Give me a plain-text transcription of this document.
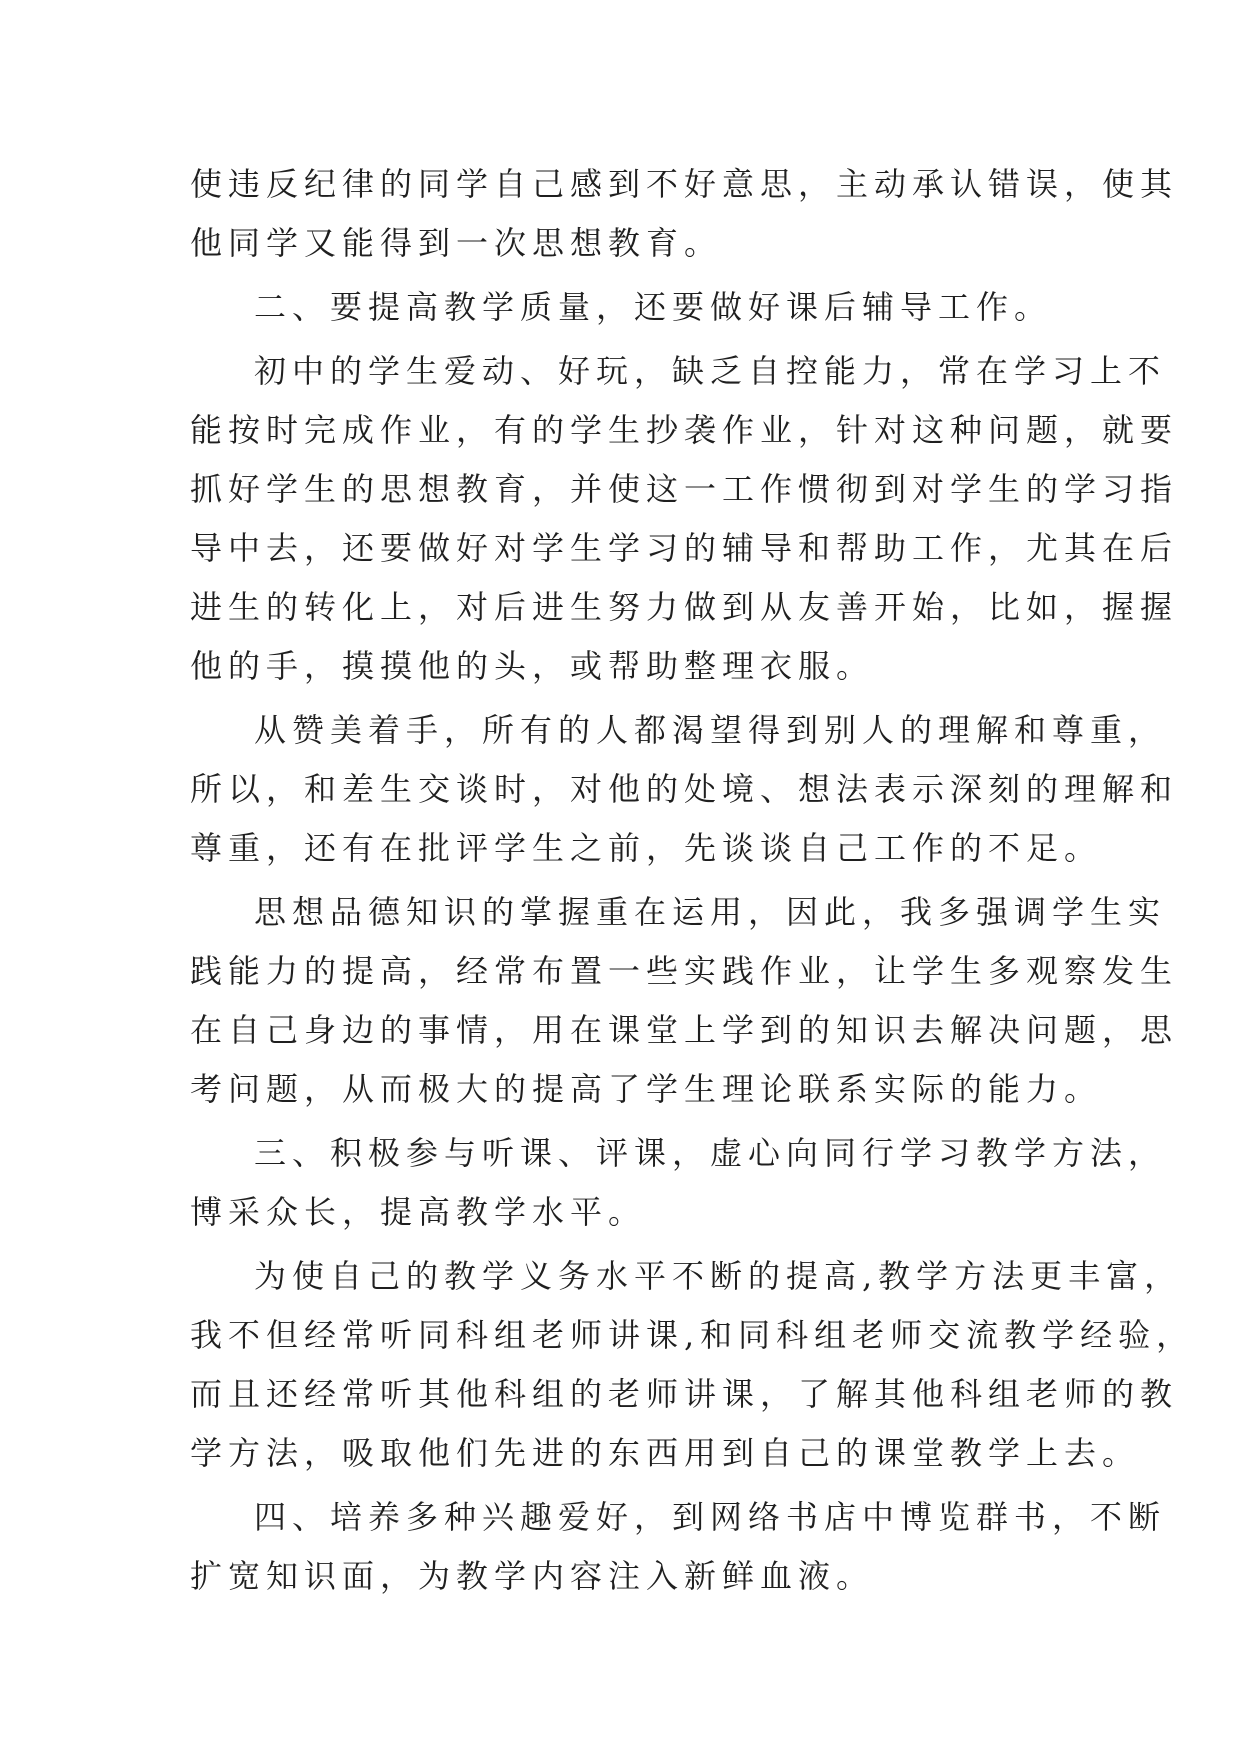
使违反纪律的同学自己感到不好意思，主动承认错误，使其
他同学又能得到一次思想教育。
二、要提高教学质量，还要做好课后辅导工作。
初中的学生爱动、好玩，缺乏自控能力，常在学习上不
能按时完成作业，有的学生抄袭作业，针对这种问题，就要
抓好学生的思想教育，并使这一工作惯彻到对学生的学习指
导中去，还要做好对学生学习的辅导和帮助工作，尤其在后
进生的转化上，对后进生努力做到从友善开始，比如，握握
他的手，摸摸他的头，或帮助整理衣服。
从赞美着手，所有的人都渴望得到别人的理解和尊重，
所以，和差生交谈时，对他的处境、想法表示深刻的理解和
尊重，还有在批评学生之前，先谈谈自己工作的不足。
思想品德知识的掌握重在运用，因此，我多强调学生实
践能力的提高，经常布置一些实践作业，让学生多观察发生
在自己身边的事情，用在课堂上学到的知识去解决问题，思
考问题，从而极大的提高了学生理论联系实际的能力。
三、积极参与听课、评课，虚心向同行学习教学方法，
博采众长，提高教学水平。
为使自己的教学义务水平不断的提高,教学方法更丰富，
我不但经常听同科组老师讲课,和同科组老师交流教学经验，
而且还经常听其他科组的老师讲课，了解其他科组老师的教
学方法，吸取他们先进的东西用到自己的课堂教学上去。
四、培养多种兴趣爱好，到网络书店中博览群书，不断
扩宽知识面，为教学内容注入新鲜血液。
